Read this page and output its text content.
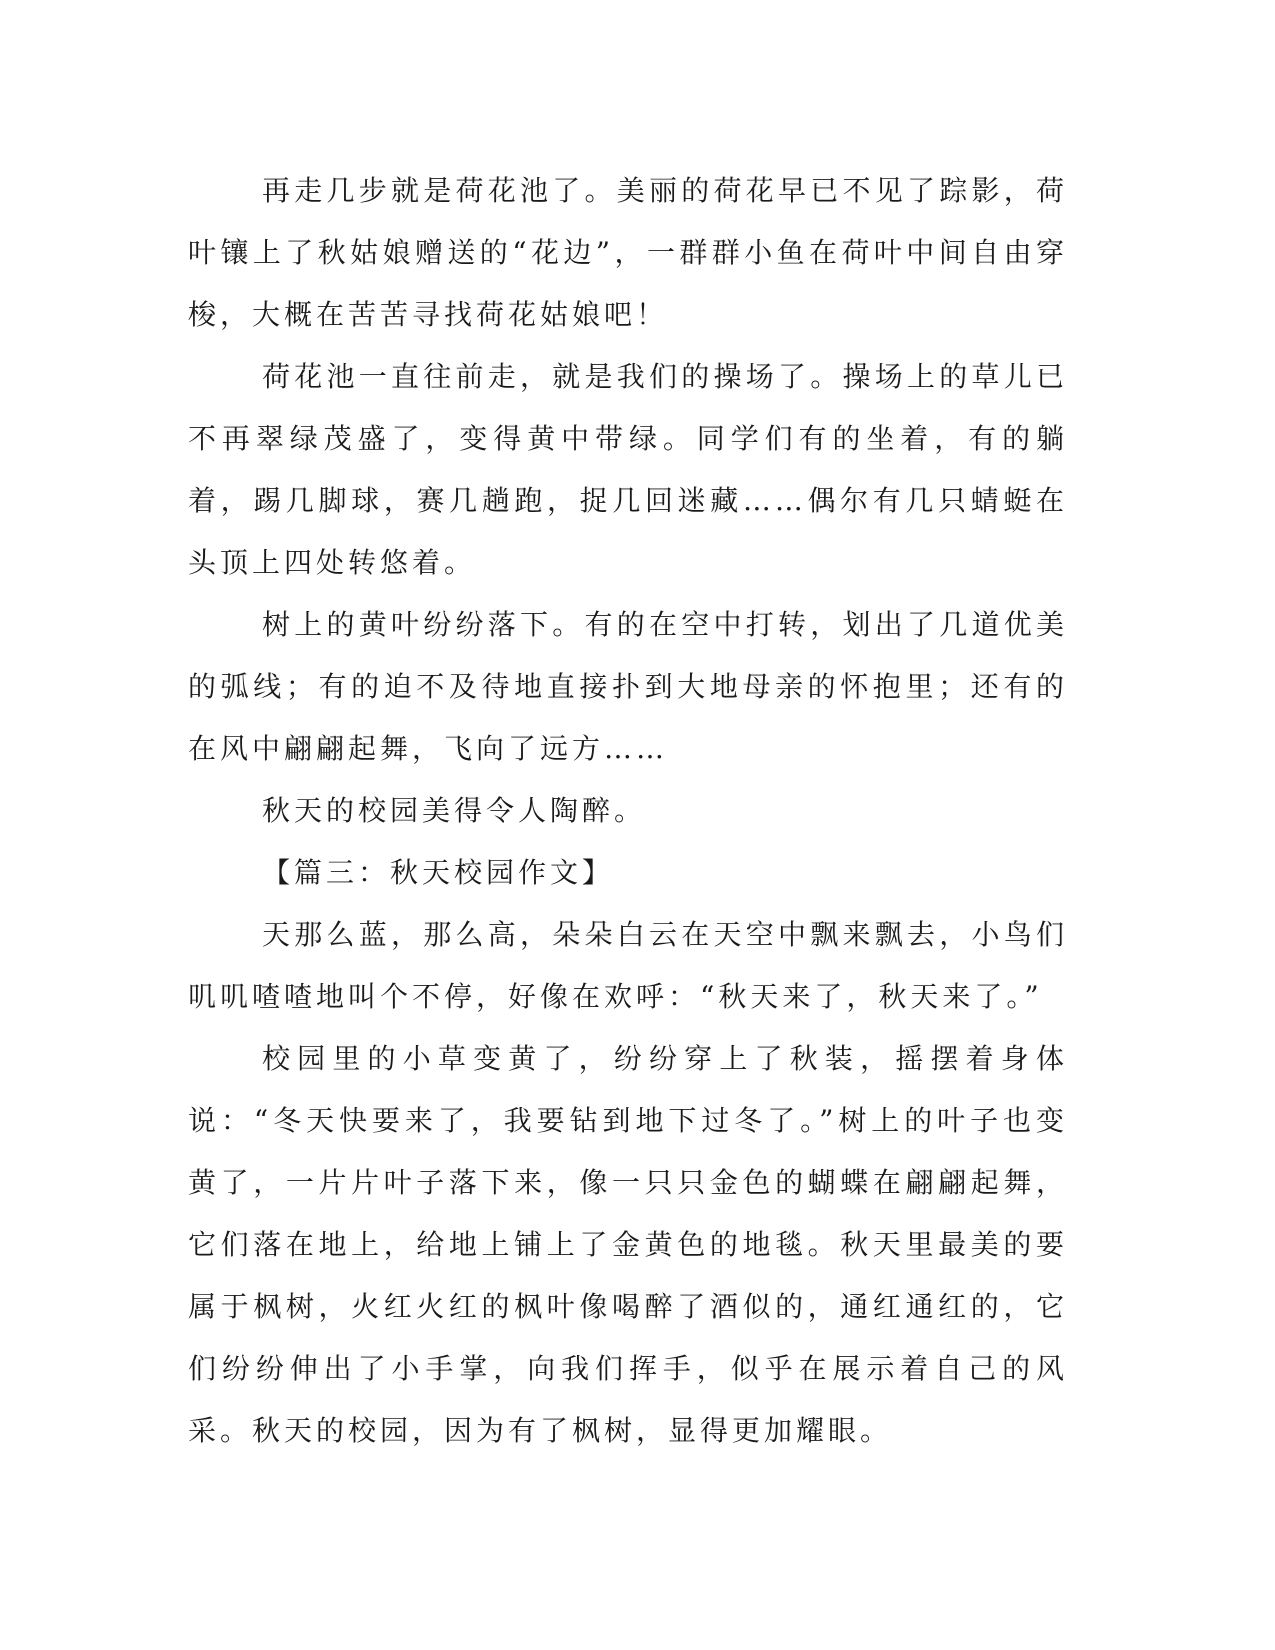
再走几步就是荷花池了。美丽的荷花早已不见了踪影，荷叶镶上了秋姑娘赠送的“花边”，一群群小鱼在荷叶中间自由穿梭，大概在苦苦寻找荷花姑娘吧！

荷花池一直往前走，就是我们的操场了。操场上的草儿已不再翠绿茂盛了，变得黄中带绿。同学们有的坐着，有的躺着，踢几脚球，赛几趟跑，捉几回迷藏……偶尔有几只蜻蜓在头顶上四处转悠着。

树上的黄叶纷纷落下。有的在空中打转，划出了几道优美的弧线；有的迫不及待地直接扑到大地母亲的怀抱里；还有的在风中翩翩起舞，飞向了远方……

秋天的校园美得令人陶醉。

【篇三：秋天校园作文】

天那么蓝，那么高，朵朵白云在天空中飘来飘去，小鸟们叽叽喳喳地叫个不停，好像在欢呼：“秋天来了，秋天来了。”

校园里的小草变黄了，纷纷穿上了秋装，摇摆着身体说：“冬天快要来了，我要钻到地下过冬了。”树上的叶子也变黄了，一片片叶子落下来，像一只只金色的蝴蝶在翩翩起舞，它们落在地上，给地上铺上了金黄色的地毯。秋天里最美的要属于枫树，火红火红的枫叶像喝醉了酒似的，通红通红的，它们纷纷伸出了小手掌，向我们挥手，似乎在展示着自己的风采。秋天的校园，因为有了枫树，显得更加耀眼。
